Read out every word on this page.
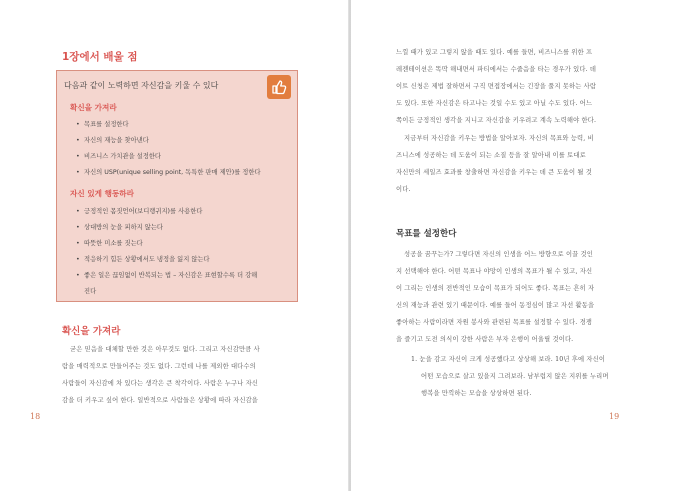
1장에서 배울 점
다음과 같이 노력하면 자신감을 키울 수 있다
확신을 가져라
• 목표를 설정한다
• 자신의 재능을 찾아낸다
• 비즈니스 가치관을 설정한다
• 자신의 USP(unique selling point, 독특한 판매 제안)를 정한다
자신 있게 행동하라
• 긍정적인 몸짓언어(보디랭귀지)를 사용한다
• 상대방의 눈을 피하지 않는다
• 따뜻한 미소를 짓는다
• 적응하기 힘든 상황에서도 냉정을 잃지 않는다
• 좋은 일은 끊임없이 반복되는 법 – 자신감은 표현할수록 더 강해
진다
확신을 가져라
굳은 믿음을 대체할 만한 것은 아무것도 없다. 그리고 자신감만큼 사
람을 매력적으로 만들어주는 것도 없다. 그런데 나를 제외한 대다수의
사람들이 자신감에 차 있다는 생각은 큰 착각이다. 사람은 누구나 자신
감을 더 키우고 싶어 한다. 일반적으로 사람들은 상황에 따라 자신감을
18
느낄 때가 있고 그렇지 않을 때도 있다. 예를 들면, 비즈니스를 위한 프
레젠테이션은 똑딱 해내면서 파티에서는 수줍음을 타는 경우가 있다. 데
이트 신청은 제법 잘하면서 구직 면접장에서는 긴장을 풀지 못하는 사람
도 있다. 또한 자신감은 타고나는 것일 수도 있고 아닐 수도 있다. 어느
쪽이든 긍정적인 생각을 지니고 자신감을 키우려고 계속 노력해야 한다.
지금부터 자신감을 키우는 방법을 알아보자. 자신의 목표와 능력, 비
즈니스에 성공하는 데 도움이 되는 소질 등을 잘 알아내 이를 토대로
자신만의 세일즈 효과를 창출하면 자신감을 키우는 데 큰 도움이 될 것
이다.
목표를 설정한다
성공을 꿈꾸는가? 그렇다면 자신의 인생을 어느 방향으로 이끌 것인
지 선택해야 한다. 어떤 목표나 야망이 인생의 목표가 될 수 있고, 자신
이 그리는 인생의 전반적인 모습이 목표가 되어도 좋다. 목표는 흔히 자
신의 재능과 관련 있기 때문이다. 예를 들어 동정심이 많고 자선 활동을
좋아하는 사람이라면 자원 봉사와 관련된 목표를 설정할 수 있다. 경쟁
을 즐기고 도전 의식이 강한 사람은 부자 은행이 어울릴 것이다.
1. 눈을 감고 자신이 크게 성공했다고 상상해 보라. 10년 후에 자신이
어떤 모습으로 살고 있을지 그려보라. 남부럽지 않은 지위를 누리며
행복을 만끽하는 모습을 상상하면 된다.
19
